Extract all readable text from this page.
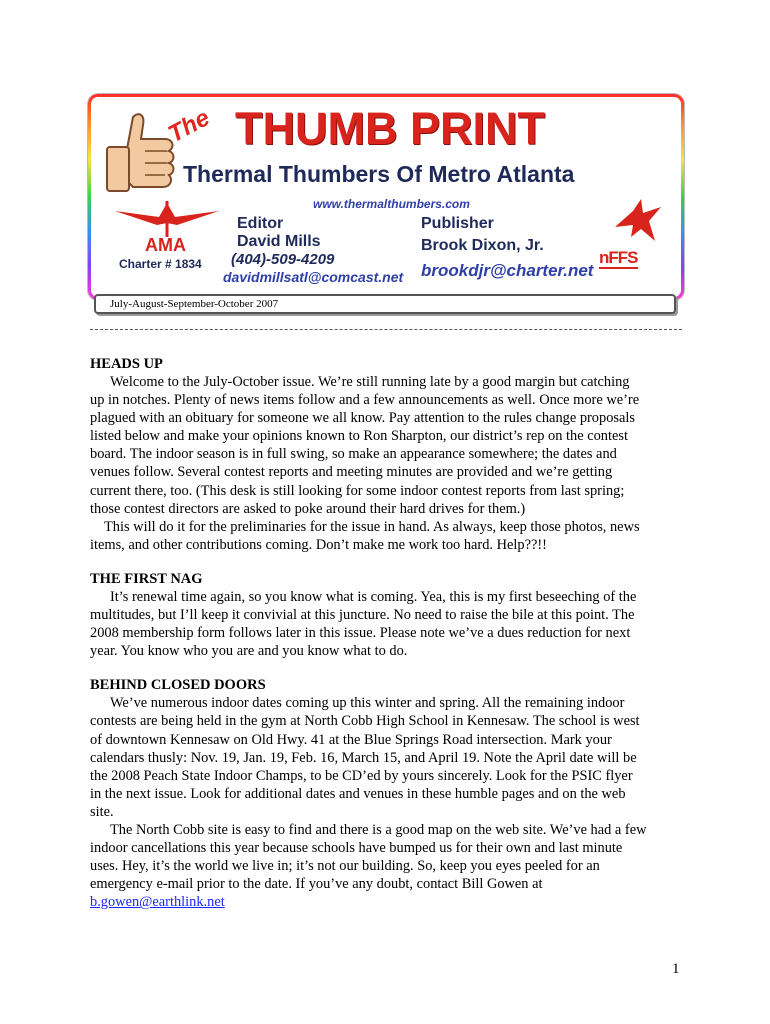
The THUMB PRINT
Thermal Thumbers Of Metro Atlanta
www.thermalthumbers.com
AMA
Charter # 1834
Editor
David Mills
(404)-509-4209
davidmillsatl@comcast.net
Publisher
Brook Dixon, Jr.
brookdjr@charter.net
nFFS
July-August-September-October 2007

HEADS UP

Welcome to the July-October issue. We’re still running late by a good margin but catching
up in notches. Plenty of news items follow and a few announcements as well. Once more we’re
plagued with an obituary for someone we all know. Pay attention to the rules change proposals
listed below and make your opinions known to Ron Sharpton, our district’s rep on the contest
board. The indoor season is in full swing, so make an appearance somewhere; the dates and
venues follow. Several contest reports and meeting minutes are provided and we’re getting
current there, too. (This desk is still looking for some indoor contest reports from last spring;
those contest directors are asked to poke around their hard drives for them.)
This will do it for the preliminaries for the issue in hand. As always, keep those photos, news
items, and other contributions coming. Don’t make me work too hard. Help??!!

THE FIRST NAG

It’s renewal time again, so you know what is coming. Yea, this is my first beseeching of the
multitudes, but I’ll keep it convivial at this juncture. No need to raise the bile at this point. The
2008 membership form follows later in this issue. Please note we’ve a dues reduction for next
year. You know who you are and you know what to do.

BEHIND CLOSED DOORS

We’ve numerous indoor dates coming up this winter and spring. All the remaining indoor
contests are being held in the gym at North Cobb High School in Kennesaw. The school is west
of downtown Kennesaw on Old Hwy. 41 at the Blue Springs Road intersection. Mark your
calendars thusly: Nov. 19, Jan. 19, Feb. 16, March 15, and April 19. Note the April date will be
the 2008 Peach State Indoor Champs, to be CD’ed by yours sincerely. Look for the PSIC flyer
in the next issue. Look for additional dates and venues in these humble pages and on the web
site.
The North Cobb site is easy to find and there is a good map on the web site. We’ve had a few
indoor cancellations this year because schools have bumped us for their own and last minute
uses. Hey, it’s the world we live in; it’s not our building. So, keep you eyes peeled for an
emergency e-mail prior to the date. If you’ve any doubt, contact Bill Gowen at
b.gowen@earthlink.net
1
